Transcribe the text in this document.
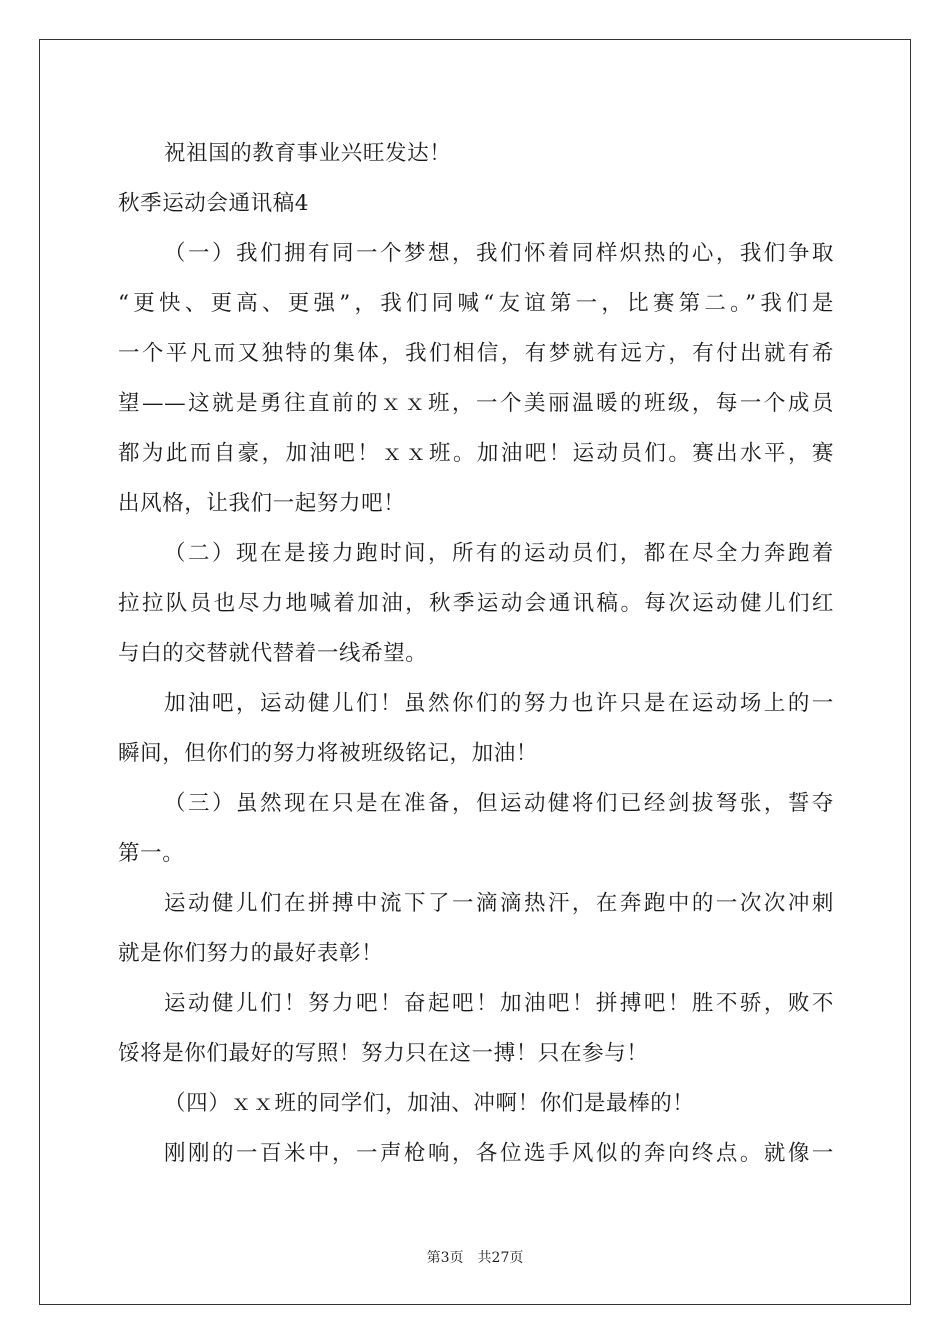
祝祖国的教育事业兴旺发达！
秋季运动会通讯稿4
（一）我们拥有同一个梦想，我们怀着同样炽热的心，我们争取
“更快、更高、更强”，我们同喊“友谊第一，比赛第二。”我们是
一个平凡而又独特的集体，我们相信，有梦就有远方，有付出就有希
望——这就是勇往直前的ｘｘ班，一个美丽温暖的班级，每一个成员
都为此而自豪，加油吧！ｘｘ班。加油吧！运动员们。赛出水平，赛
出风格，让我们一起努力吧！
（二）现在是接力跑时间，所有的运动员们，都在尽全力奔跑着
拉拉队员也尽力地喊着加油，秋季运动会通讯稿。每次运动健儿们红
与白的交替就代替着一线希望。
加油吧，运动健儿们！虽然你们的努力也许只是在运动场上的一
瞬间，但你们的努力将被班级铭记，加油！
（三）虽然现在只是在准备，但运动健将们已经剑拔弩张，誓夺
第一。
运动健儿们在拼搏中流下了一滴滴热汗，在奔跑中的一次次冲刺
就是你们努力的最好表彰！
运动健儿们！努力吧！奋起吧！加油吧！拼搏吧！胜不骄，败不
馁将是你们最好的写照！努力只在这一搏！只在参与！
（四）ｘｘ班的同学们，加油、冲啊！你们是最棒的！
刚刚的一百米中，一声枪响，各位选手风似的奔向终点。就像一
第3页 共27页
